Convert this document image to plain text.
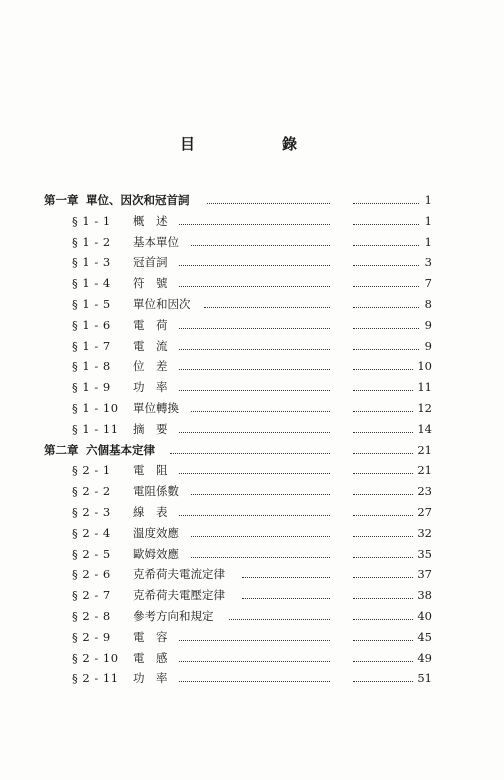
目	錄
第一章 單位、因次和冠首詞	1
§ 1 - 1 概　述	1
§ 1 - 2 基本單位	1
§ 1 - 3 冠首詞	3
§ 1 - 4 符　號	7
§ 1 - 5 單位和因次	8
§ 1 - 6 電　荷	9
§ 1 - 7 電　流	9
§ 1 - 8 位　差	10
§ 1 - 9 功　率	11
§ 1 - 10 單位轉換	12
§ 1 - 11 摘　要	14
第二章 六個基本定律	21
§ 2 - 1 電　阻	21
§ 2 - 2 電阻係數	23
§ 2 - 3 線　表	27
§ 2 - 4 溫度效應	32
§ 2 - 5 歐姆效應	35
§ 2 - 6 克希荷夫電流定律	37
§ 2 - 7 克希荷夫電壓定律	38
§ 2 - 8 參考方向和規定	40
§ 2 - 9 電　容	45
§ 2 - 10 電　感	49
§ 2 - 11 功　率	51
